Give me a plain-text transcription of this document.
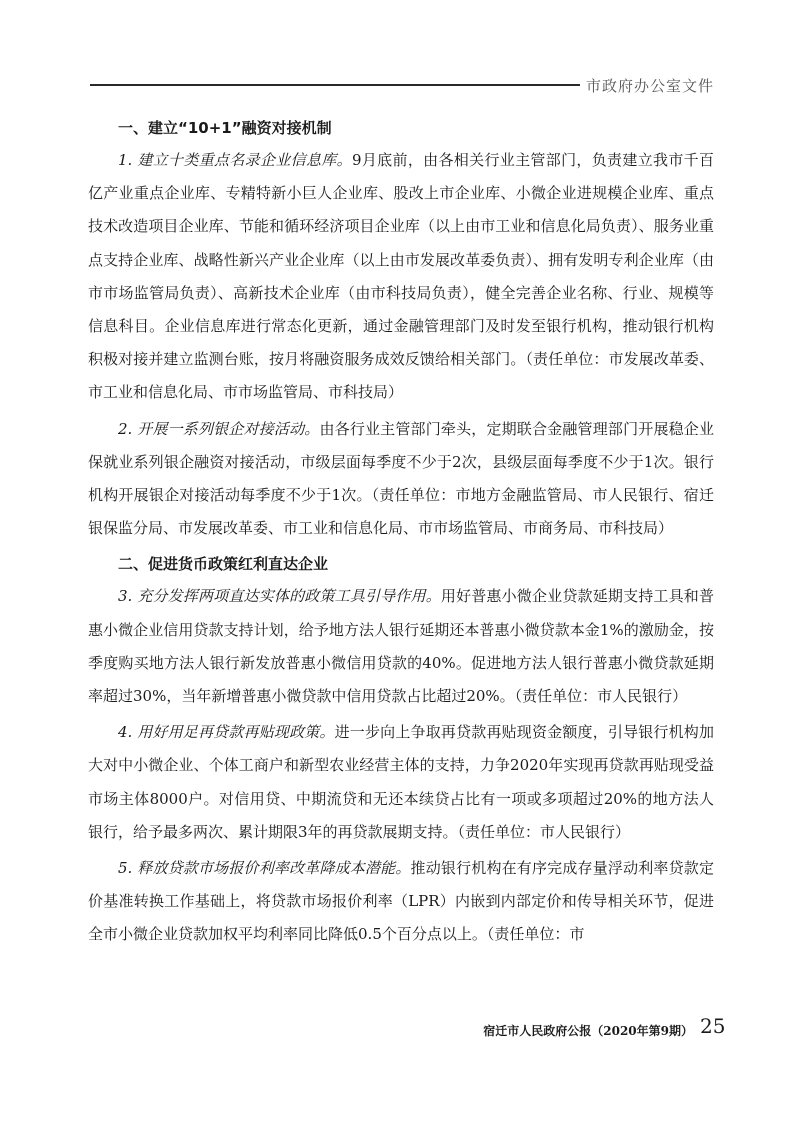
市政府办公室文件
一、建立“10+1”融资对接机制

1. 建立十类重点名录企业信息库。9月底前，由各相关行业主管部门，负责建立我市千百亿产业重点企业库、专精特新小巨人企业库、股改上市企业库、小微企业进规模企业库、重点技术改造项目企业库、节能和循环经济项目企业库（以上由市工业和信息化局负责）、服务业重点支持企业库、战略性新兴产业企业库（以上由市发展改革委负责）、拥有发明专利企业库（由市市场监管局负责）、高新技术企业库（由市科技局负责），健全完善企业名称、行业、规模等信息科目。企业信息库进行常态化更新，通过金融管理部门及时发至银行机构，推动银行机构积极对接并建立监测台账，按月将融资服务成效反馈给相关部门。（责任单位：市发展改革委、市工业和信息化局、市市场监管局、市科技局）

2. 开展一系列银企对接活动。由各行业主管部门牵头，定期联合金融管理部门开展稳企业保就业系列银企融资对接活动，市级层面每季度不少于2次，县级层面每季度不少于1次。银行机构开展银企对接活动每季度不少于1次。（责任单位：市地方金融监管局、市人民银行、宿迁银保监分局、市发展改革委、市工业和信息化局、市市场监管局、市商务局、市科技局）

二、促进货币政策红利直达企业

3. 充分发挥两项直达实体的政策工具引导作用。用好普惠小微企业贷款延期支持工具和普惠小微企业信用贷款支持计划，给予地方法人银行延期还本普惠小微贷款本金1%的激励金，按季度购买地方法人银行新发放普惠小微信用贷款的40%。促进地方法人银行普惠小微贷款延期率超过30%，当年新增普惠小微贷款中信用贷款占比超过20%。（责任单位：市人民银行）

4. 用好用足再贷款再贴现政策。进一步向上争取再贷款再贴现资金额度，引导银行机构加大对中小微企业、个体工商户和新型农业经营主体的支持，力争2020年实现再贷款再贴现受益市场主体8000户。对信用贷、中期流贷和无还本续贷占比有一项或多项超过20%的地方法人银行，给予最多两次、累计期限3年的再贷款展期支持。（责任单位：市人民银行）

5. 释放贷款市场报价利率改革降成本潜能。推动银行机构在有序完成存量浮动利率贷款定价基准转换工作基础上，将贷款市场报价利率（LPR）内嵌到内部定价和传导相关环节，促进全市小微企业贷款加权平均利率同比降低0.5个百分点以上。（责任单位：市

宿迁市人民政府公报（2020年第9期） 25
